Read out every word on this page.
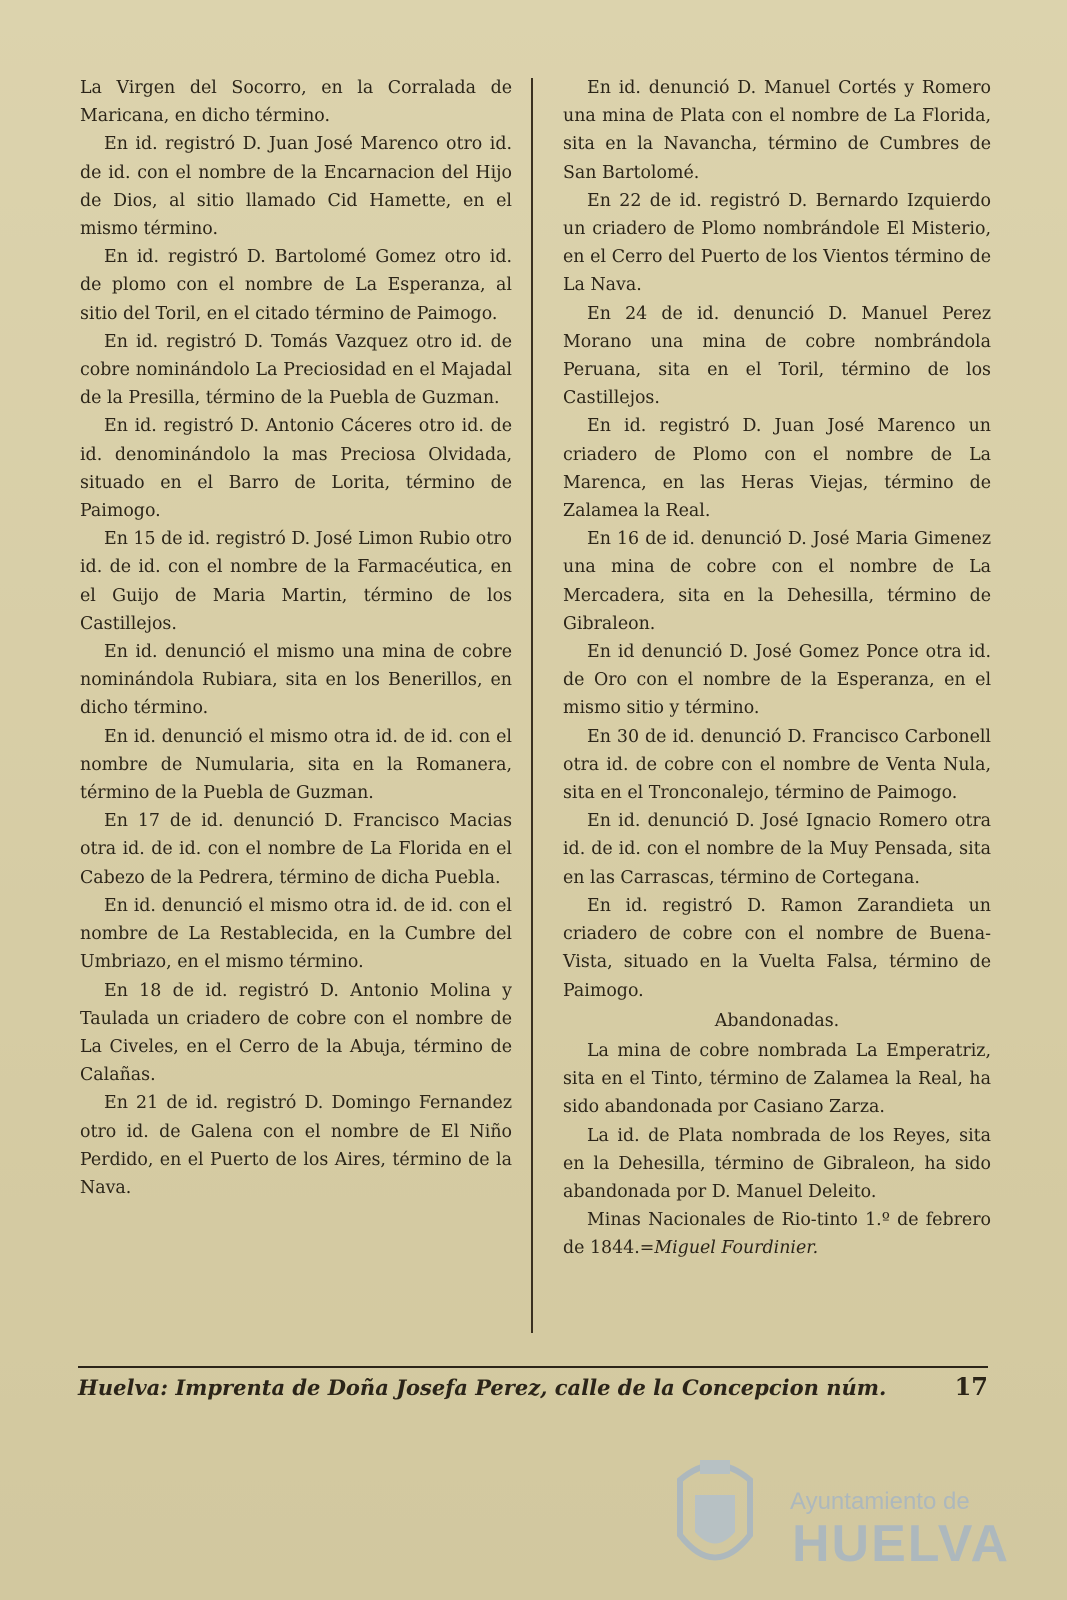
La Virgen del Socorro, en la Corralada de Maricana, en dicho término.

En id. registró D. Juan José Marenco otro id. de id. con el nombre de la Encarnacion del Hijo de Dios, al sitio llamado Cid Hamette, en el mismo término.

En id. registró D. Bartolomé Gomez otro id. de plomo con el nombre de La Esperanza, al sitio del Toril, en el citado término de Paimogo.

En id. registró D. Tomás Vazquez otro id. de cobre nominándolo La Preciosidad en el Majadal de la Presilla, término de la Puebla de Guzman.

En id. registró D. Antonio Cáceres otro id. de id. denominándolo la mas Preciosa Olvidada, situado en el Barro de Lorita, término de Paimogo.

En 15 de id. registró D. José Limon Rubio otro id. de id. con el nombre de la Farmacéutica, en el Guijo de Maria Martin, término de los Castillejos.

En id. denunció el mismo una mina de cobre nominándola Rubiara, sita en los Benerillos, en dicho término.

En id. denunció el mismo otra id. de id. con el nombre de Numularia, sita en la Romanera, término de la Puebla de Guzman.

En 17 de id. denunció D. Francisco Macias otra id. de id. con el nombre de La Florida en el Cabezo de la Pedrera, término de dicha Puebla.

En id. denunció el mismo otra id. de id. con el nombre de La Restablecida, en la Cumbre del Umbriazo, en el mismo término.

En 18 de id. registró D. Antonio Molina y Taulada un criadero de cobre con el nombre de La Civeles, en el Cerro de la Abuja, término de Calañas.

En 21 de id. registró D. Domingo Fernandez otro id. de Galena con el nombre de El Niño Perdido, en el Puerto de los Aires, término de la Nava.

En id. denunció D. Manuel Cortés y Romero una mina de Plata con el nombre de La Florida, sita en la Navancha, término de Cumbres de San Bartolomé.

En 22 de id. registró D. Bernardo Izquierdo un criadero de Plomo nombrándole El Misterio, en el Cerro del Puerto de los Vientos término de La Nava.

En 24 de id. denunció D. Manuel Perez Morano una mina de cobre nombrándola Peruana, sita en el Toril, término de los Castillejos.

En id. registró D. Juan José Marenco un criadero de Plomo con el nombre de La Marenca, en las Heras Viejas, término de Zalamea la Real.

En 16 de id. denunció D. José Maria Gimenez una mina de cobre con el nombre de La Mercadera, sita en la Dehesilla, término de Gibraleon.

En id denunció D. José Gomez Ponce otra id. de Oro con el nombre de la Esperanza, en el mismo sitio y término.

En 30 de id. denunció D. Francisco Carbonell otra id. de cobre con el nombre de Venta Nula, sita en el Tronconalejo, término de Paimogo.

En id. denunció D. José Ignacio Romero otra id. de id. con el nombre de la Muy Pensada, sita en las Carrascas, término de Cortegana.

En id. registró D. Ramon Zarandieta un criadero de cobre con el nombre de Buena-Vista, situado en la Vuelta Falsa, término de Paimogo.

Abandonadas.

La mina de cobre nombrada La Emperatriz, sita en el Tinto, término de Zalamea la Real, ha sido abandonada por Casiano Zarza.

La id. de Plata nombrada de los Reyes, sita en la Dehesilla, término de Gibraleon, ha sido abandonada por D. Manuel Deleito.

Minas Nacionales de Rio-tinto 1.º de febrero de 1844.=Miguel Fourdinier.

Huelva: Imprenta de Doña Josefa Perez, calle de la Concepcion núm.	17
Ayuntamiento de
HUELVA
